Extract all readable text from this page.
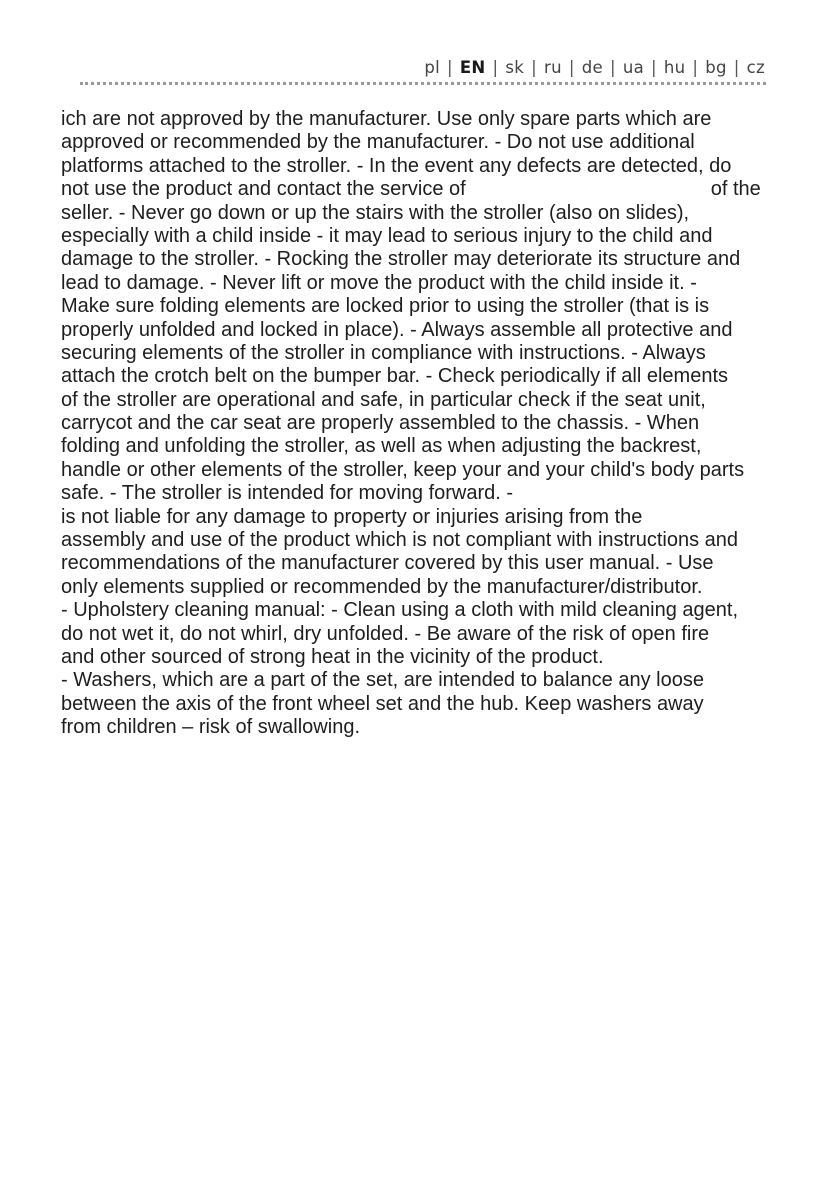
pl | EN | sk | ru | de | ua | hu | bg | cz
ich are not approved by the manufacturer. Use only spare parts which are
approved or recommended by the manufacturer. - Do not use additional
platforms attached to the stroller. - In the event any defects are detected, do
not use the product and contact the service of	of the
seller. - Never go down or up the stairs with the stroller (also on slides),
especially with a child inside - it may lead to serious injury to the child and
damage to the stroller. - Rocking the stroller may deteriorate its structure and
lead to damage. - Never lift or move the product with the child inside it. -
Make sure folding elements are locked prior to using the stroller (that is is
properly unfolded and locked in place). - Always assemble all protective and
securing elements of the stroller in compliance with instructions. - Always
attach the crotch belt on the bumper bar. - Check periodically if all elements
of the stroller are operational and safe, in particular check if the seat unit,
carrycot and the car seat are properly assembled to the chassis. - When
folding and unfolding the stroller, as well as when adjusting the backrest,
handle or other elements of the stroller, keep your and your child's body parts
safe. - The stroller is intended for moving forward. -
is not liable for any damage to property or injuries arising from the
assembly and use of the product which is not compliant with instructions and
recommendations of the manufacturer covered by this user manual. - Use
only elements supplied or recommended by the manufacturer/distributor.
- Upholstery cleaning manual: - Clean using a cloth with mild cleaning agent,
do not wet it, do not whirl, dry unfolded. - Be aware of the risk of open fire
and other sourced of strong heat in the vicinity of the product.
- Washers, which are a part of the set, are intended to balance any loose
between the axis of the front wheel set and the hub. Keep washers away
from children – risk of swallowing.
